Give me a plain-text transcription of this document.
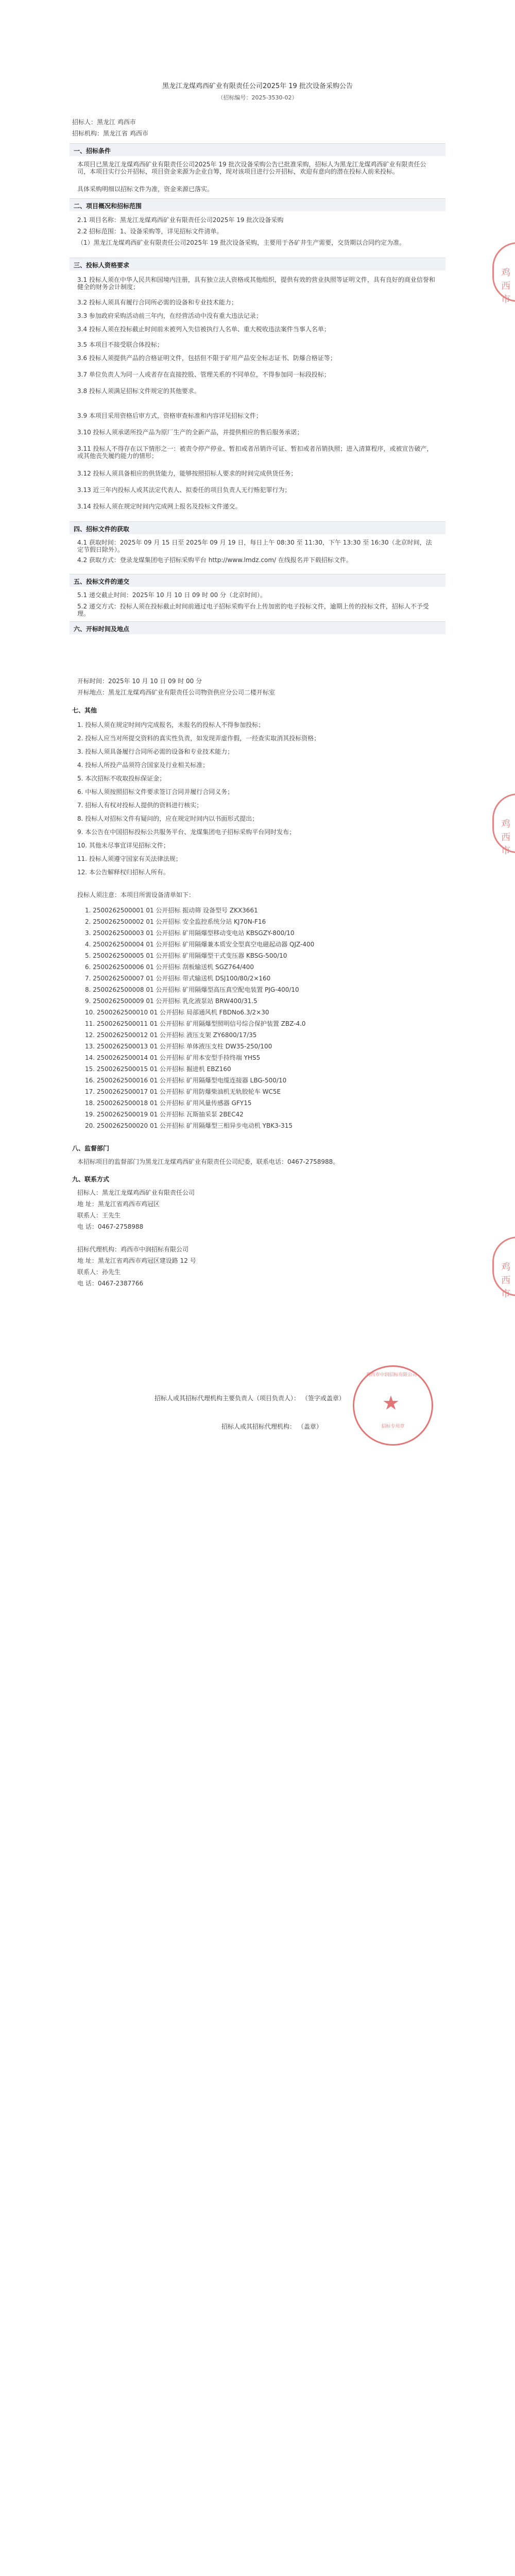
黑龙江龙煤鸡西矿业有限责任公司2025年 19 批次设备采购公告
（招标编号：2025-3530-02）
招标人：黑龙江 鸡西市
招标机构：黑龙江省 鸡西市
一、招标条件
本项目已黑龙江龙煤鸡西矿业有限责任公司2025年 19 批次设备采购公告已批准采购，招标人为黑龙江龙煤鸡西矿业有限责任公司，本项目实行公开招标，项目资金来源为企业自筹，现对该项目进行公开招标，欢迎有意向的潜在投标人前来投标。
具体采购明细以招标文件为准，资金来源已落实。
二、项目概况和招标范围
2.1 项目名称：黑龙江龙煤鸡西矿业有限责任公司2025年 19 批次设备采购
2.2 招标范围：1、设备采购等，详见招标文件清单。
（1）黑龙江龙煤鸡西矿业有限责任公司2025年 19 批次设备采购，主要用于各矿井生产需要，交货期以合同约定为准。
三、投标人资格要求
3.1 投标人须在中华人民共和国境内注册，具有独立法人资格或其他组织，提供有效的营业执照等证明文件，具有良好的商业信誉和健全的财务会计制度；
3.2 投标人须具有履行合同所必需的设备和专业技术能力；
3.3 参加政府采购活动前三年内，在经营活动中没有重大违法记录；
3.4 投标人须在投标截止时间前未被列入失信被执行人名单、重大税收违法案件当事人名单；
3.5 本项目不接受联合体投标；
3.6 投标人须提供产品的合格证明文件，包括但不限于矿用产品安全标志证书、防爆合格证等；
3.7 单位负责人为同一人或者存在直接控股、管理关系的不同单位，不得参加同一标段投标；
3.8 投标人须满足招标文件规定的其他要求。
3.9 本项目采用资格后审方式，资格审查标准和内容详见招标文件；
3.10 投标人须承诺所投产品为原厂生产的全新产品，并提供相应的售后服务承诺；
3.11 投标人不得存在以下情形之一：被责令停产停业、暂扣或者吊销许可证、暂扣或者吊销执照；进入清算程序，或被宣告破产，或其他丧失履约能力的情形；
3.12 投标人须具备相应的供货能力，能够按照招标人要求的时间完成供货任务；
3.13 近三年内投标人或其法定代表人、拟委任的项目负责人无行贿犯罪行为；
3.14 投标人须在规定时间内完成网上报名及投标文件递交。
四、招标文件的获取
4.1 获取时间：2025年 09 月 15 日至 2025年 09 月 19 日，每日上午 08:30 至 11:30，下午 13:30 至 16:30（北京时间，法定节假日除外）。
4.2 获取方式：登录龙煤集团电子招标采购平台 http://www.lmdz.com/ 在线报名并下载招标文件。
五、投标文件的递交
5.1 递交截止时间：2025年 10 月 10 日 09 时 00 分（北京时间）。
5.2 递交方式：投标人须在投标截止时间前通过电子招标采购平台上传加密的电子投标文件，逾期上传的投标文件，招标人不予受理。
六、开标时间及地点
开标时间：2025年 10 月 10 日 09 时 00 分
开标地点：黑龙江龙煤鸡西矿业有限责任公司物资供应分公司二楼开标室
七、其他
1. 投标人须在规定时间内完成报名，未报名的投标人不得参加投标；
2. 投标人应当对所提交资料的真实性负责，如发现弄虚作假，一经查实取消其投标资格；
3. 投标人须具备履行合同所必需的设备和专业技术能力；
4. 投标人所投产品须符合国家及行业相关标准；
5. 本次招标不收取投标保证金；
6. 中标人须按照招标文件要求签订合同并履行合同义务；
7. 招标人有权对投标人提供的资料进行核实；
8. 投标人对招标文件有疑问的，应在规定时间内以书面形式提出；
9. 本公告在中国招标投标公共服务平台、龙煤集团电子招标采购平台同时发布；
10. 其他未尽事宜详见招标文件；
11. 投标人须遵守国家有关法律法规；
12. 本公告解释权归招标人所有。
投标人须注意：本项目所需设备清单如下：
1. 2500262500001 01 公开招标 振动筛 设备型号 ZKX3661
2. 2500262500002 01 公开招标 安全监控系统分站 KJ70N-F16
3. 2500262500003 01 公开招标 矿用隔爆型移动变电站 KBSGZY-800/10
4. 2500262500004 01 公开招标 矿用隔爆兼本质安全型真空电磁起动器 QJZ-400
5. 2500262500005 01 公开招标 矿用隔爆型干式变压器 KBSG-500/10
6. 2500262500006 01 公开招标 刮板输送机 SGZ764/400
7. 2500262500007 01 公开招标 带式输送机 DSJ100/80/2×160
8. 2500262500008 01 公开招标 矿用隔爆型高压真空配电装置 PJG-400/10
9. 2500262500009 01 公开招标 乳化液泵站 BRW400/31.5
10. 2500262500010 01 公开招标 局部通风机 FBDNo6.3/2×30
11. 2500262500011 01 公开招标 矿用隔爆型照明信号综合保护装置 ZBZ-4.0
12. 2500262500012 01 公开招标 液压支架 ZY6800/17/35
13. 2500262500013 01 公开招标 单体液压支柱 DW35-250/100
14. 2500262500014 01 公开招标 矿用本安型手持终端 YHS5
15. 2500262500015 01 公开招标 掘进机 EBZ160
16. 2500262500016 01 公开招标 矿用隔爆型电缆连接器 LBG-500/10
17. 2500262500017 01 公开招标 矿用防爆柴油机无轨胶轮车 WC5E
18. 2500262500018 01 公开招标 矿用风量传感器 GFY15
19. 2500262500019 01 公开招标 瓦斯抽采泵 2BEC42
20. 2500262500020 01 公开招标 矿用隔爆型三相异步电动机 YBK3-315
八、监督部门
本招标项目的监督部门为黑龙江龙煤鸡西矿业有限责任公司纪委，联系电话：0467-2758988。
九、联系方式
招标人：黑龙江龙煤鸡西矿业有限责任公司
地 址：黑龙江省鸡西市鸡冠区
联系人：王先生
电 话：0467-2758988
招标代理机构：鸡西市中润招标有限公司
地 址：黑龙江省鸡西市鸡冠区建设路 12 号
联系人：孙先生
电 话：0467-2387766
招标人或其招标代理机构主要负责人（项目负责人）： （签字或盖章）
招标人或其招标代理机构： （盖章）
鸡西市中润招标有限公司
★
招标专用章
鸡西市
鸡西市
鸡西市
